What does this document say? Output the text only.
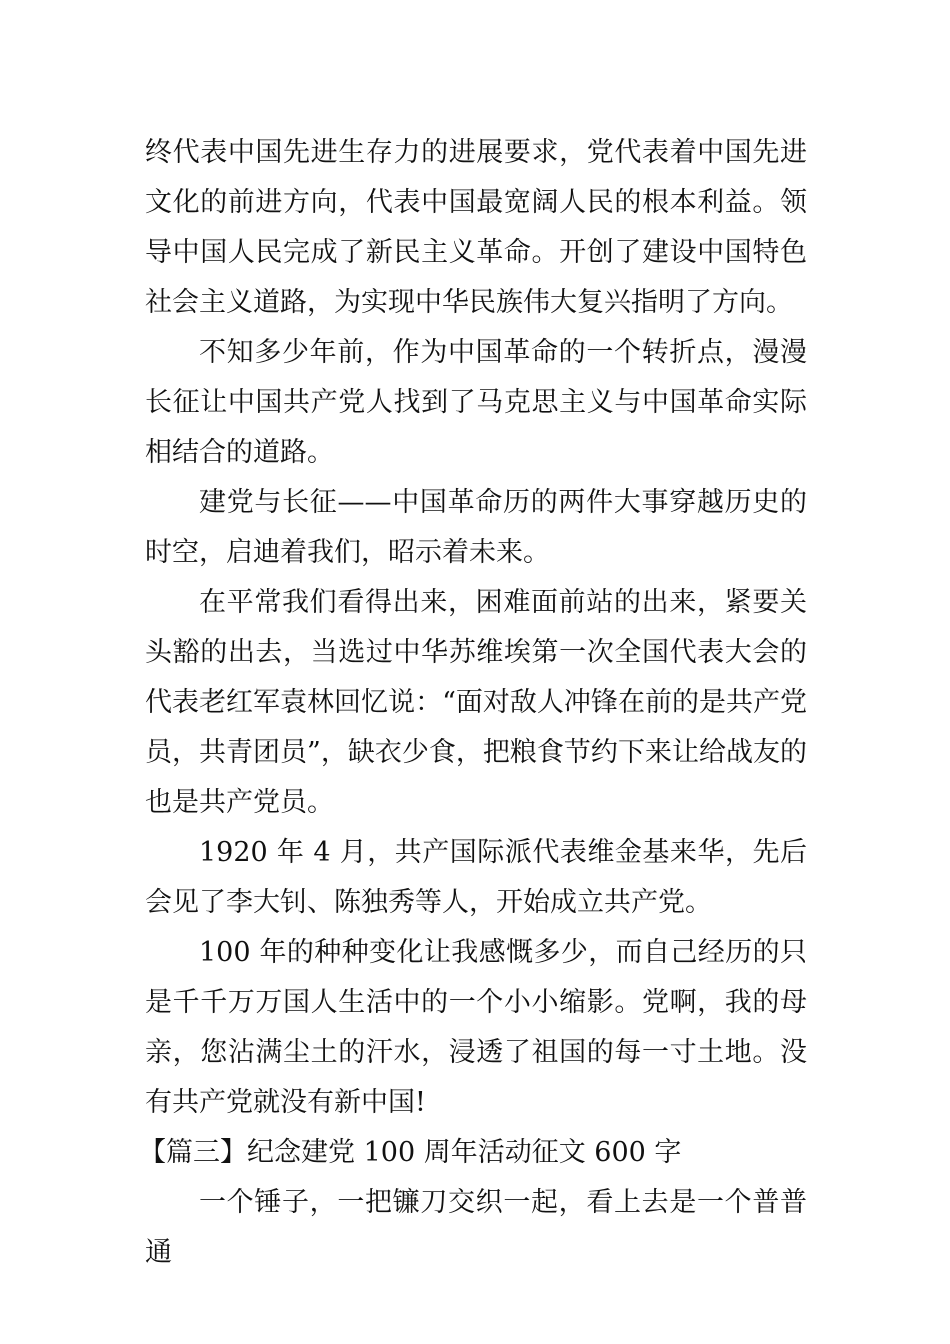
终代表中国先进生存力的进展要求，党代表着中国先进文化的前进方向，代表中国最宽阔人民的根本利益。领导中国人民完成了新民主义革命。开创了建设中国特色社会主义道路，为实现中华民族伟大复兴指明了方向。

不知多少年前，作为中国革命的一个转折点，漫漫长征让中国共产党人找到了马克思主义与中国革命实际相结合的道路。

建党与长征——中国革命历的两件大事穿越历史的时空，启迪着我们，昭示着未来。

在平常我们看得出来，困难面前站的出来，紧要关头豁的出去，当选过中华苏维埃第一次全国代表大会的代表老红军袁林回忆说：“面对敌人冲锋在前的是共产党员，共青团员”，缺衣少食，把粮食节约下来让给战友的也是共产党员。

1920 年 4 月，共产国际派代表维金基来华，先后会见了李大钊、陈独秀等人，开始成立共产党。

100 年的种种变化让我感慨多少，而自己经历的只是千千万万国人生活中的一个小小缩影。党啊，我的母亲，您沾满尘土的汗水，浸透了祖国的每一寸土地。没有共产党就没有新中国!

【篇三】纪念建党 100 周年活动征文 600 字

一个锤子，一把镰刀交织一起，看上去是一个普普通
